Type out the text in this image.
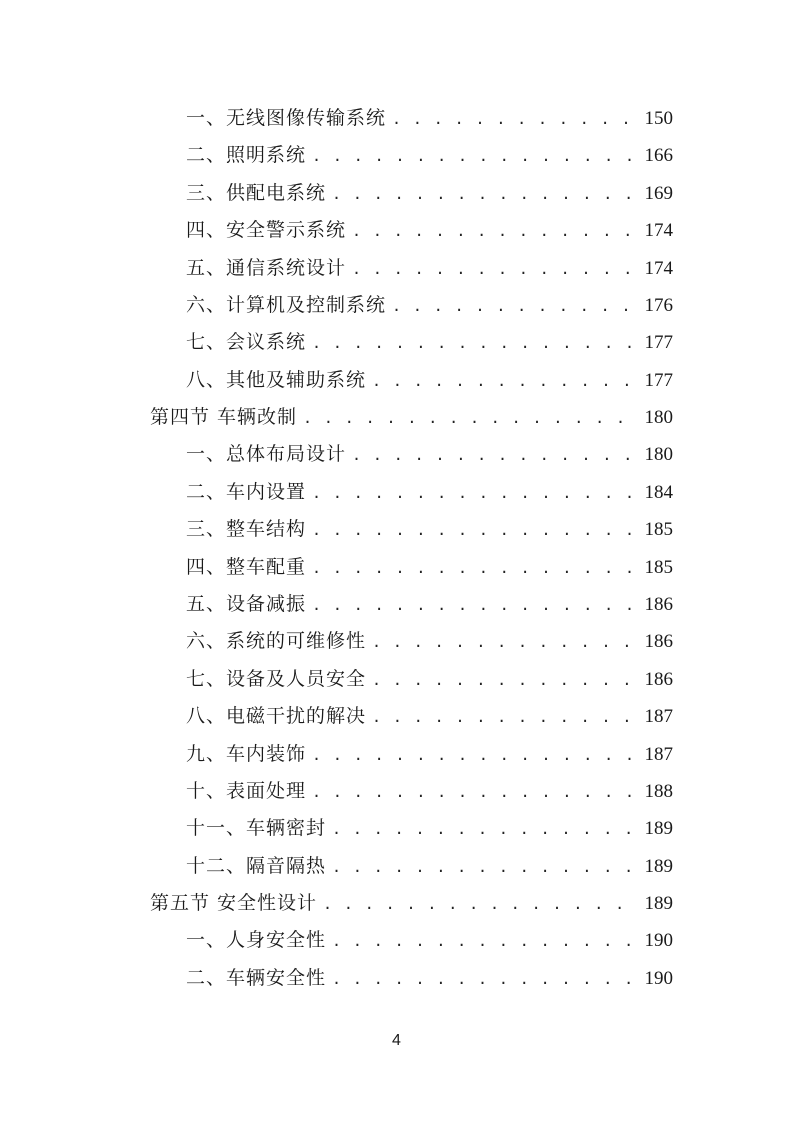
一、无线图像传输系统 . . .	150
二、照明系统 . . .	166
三、供配电系统 . . .	169
四、安全警示系统 . . .	174
五、通信系统设计 . . .	174
六、计算机及控制系统 . . .	176
七、会议系统 . . .	177
八、其他及辅助系统 . . .	177
第四节 车辆改制 . . .	180
一、总体布局设计 . . .	180
二、车内设置 . . .	184
三、整车结构 . . .	185
四、整车配重 . . .	185
五、设备减振 . . .	186
六、系统的可维修性 . . .	186
七、设备及人员安全 . . .	186
八、电磁干扰的解决 . . .	187
九、车内装饰 . . .	187
十、表面处理 . . .	188
十一、车辆密封 . . .	189
十二、隔音隔热 . . .	189
第五节 安全性设计 . . .	189
一、人身安全性 . . .	190
二、车辆安全性 . . .	190
4
